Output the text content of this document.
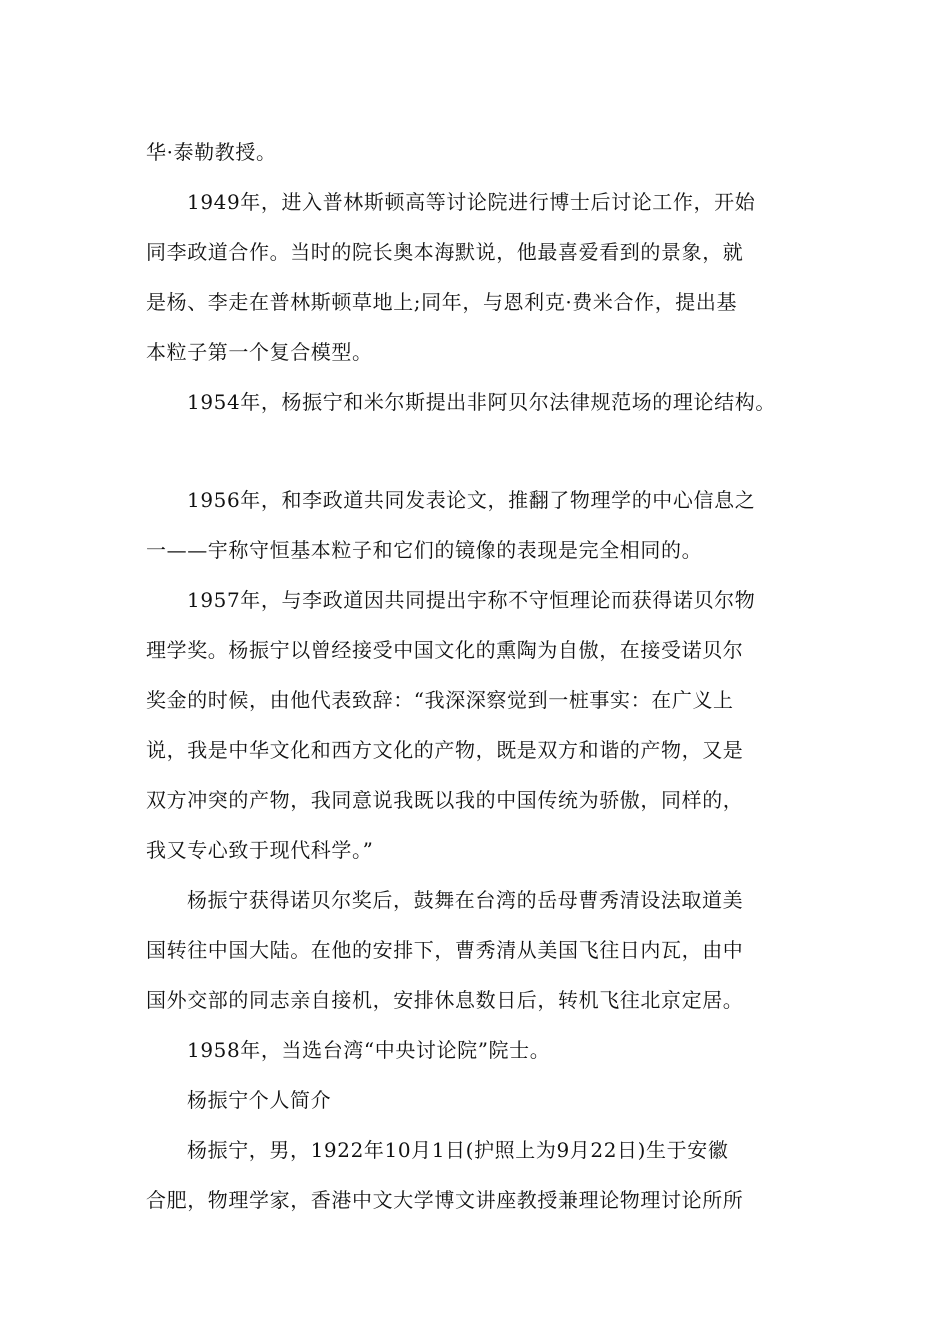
华·泰勒教授。
1949年，进入普林斯顿高等讨论院进行博士后讨论工作，开始
同李政道合作。当时的院长奥本海默说，他最喜爱看到的景象，就
是杨、李走在普林斯顿草地上;同年，与恩利克·费米合作，提出基
本粒子第一个复合模型。
1954年，杨振宁和米尔斯提出非阿贝尔法律规范场的理论结构。
1956年，和李政道共同发表论文，推翻了物理学的中心信息之
一——宇称守恒基本粒子和它们的镜像的表现是完全相同的。
1957年，与李政道因共同提出宇称不守恒理论而获得诺贝尔物
理学奖。杨振宁以曾经接受中国文化的熏陶为自傲，在接受诺贝尔
奖金的时候，由他代表致辞：“我深深察觉到一桩事实：在广义上
说，我是中华文化和西方文化的产物，既是双方和谐的产物，又是
双方冲突的产物，我同意说我既以我的中国传统为骄傲，同样的，
我又专心致于现代科学。”
杨振宁获得诺贝尔奖后，鼓舞在台湾的岳母曹秀清设法取道美
国转往中国大陆。在他的安排下，曹秀清从美国飞往日内瓦，由中
国外交部的同志亲自接机，安排休息数日后，转机飞往北京定居。
1958年，当选台湾“中央讨论院”院士。
杨振宁个人简介
杨振宁，男，1922年10月1日(护照上为9月22日)生于安徽
合肥，物理学家，香港中文大学博文讲座教授兼理论物理讨论所所
